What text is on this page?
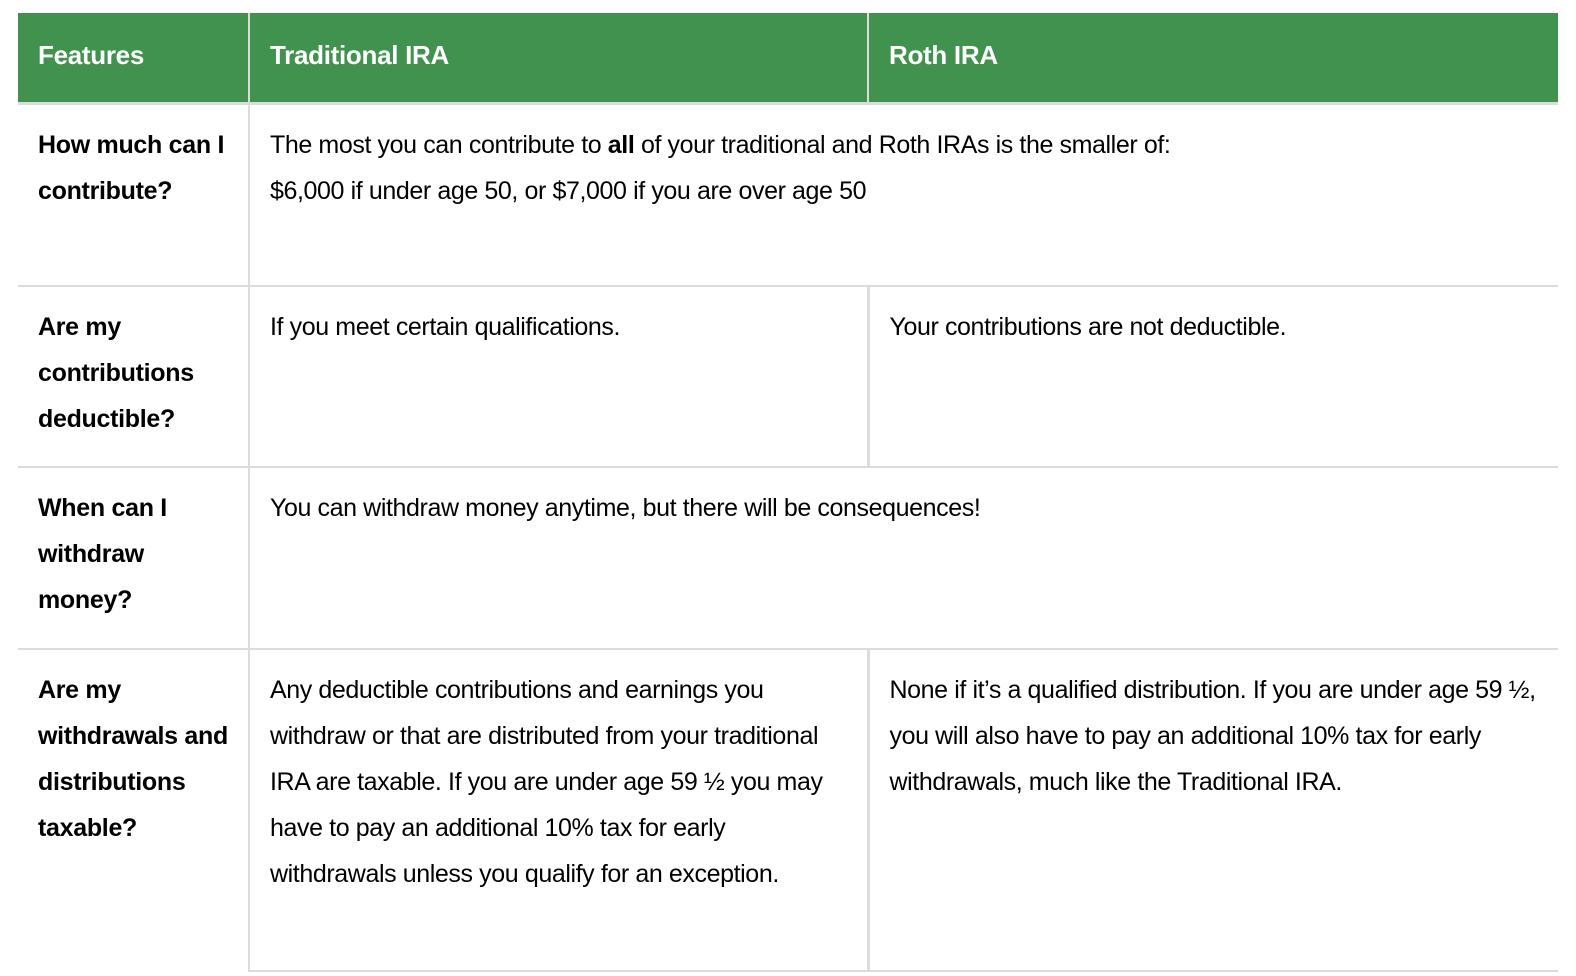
Features	Traditional IRA	Roth IRA
How much can I contribute?	The most you can contribute to all of your traditional and Roth IRAs is the smaller of:
$6,000 if under age 50, or $7,000 if you are over age 50	
Are my contributions deductible?	If you meet certain qualifications.	Your contributions are not deductible.
When can I withdraw money?	You can withdraw money anytime, but there will be consequences!	
Are my withdrawals and distributions taxable?	Any deductible contributions and earnings you withdraw or that are distributed from your traditional IRA are taxable. If you are under age 59 ½ you may have to pay an additional 10% tax for early withdrawals unless you qualify for an exception.	None if it’s a qualified distribution. If you are under age 59 ½, you will also have to pay an additional 10% tax for early withdrawals, much like the Traditional IRA.
